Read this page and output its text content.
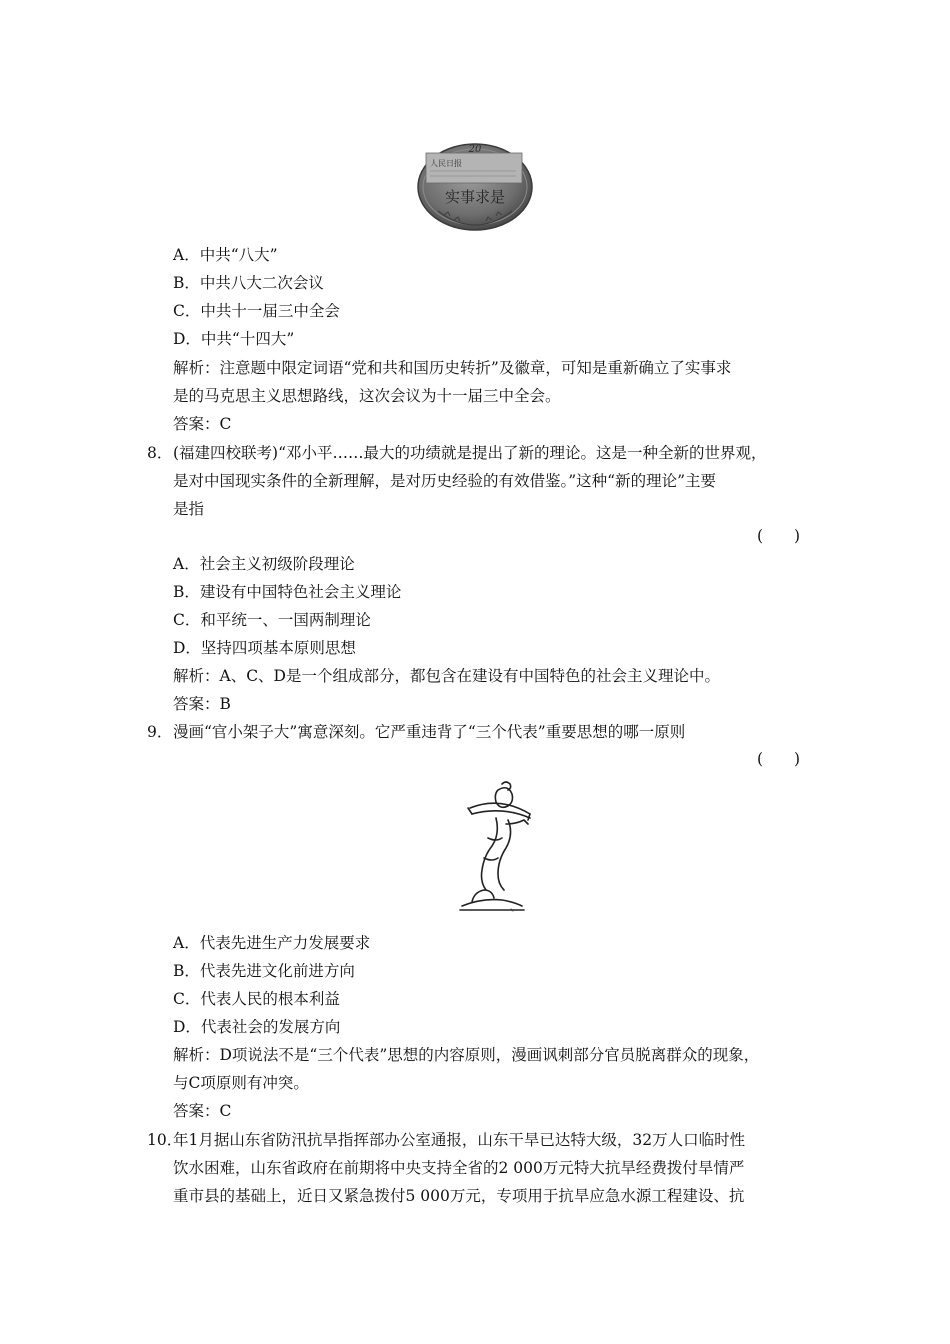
20
人民日报
实事求是
A．中共“八大”
B．中共八大二次会议
C．中共十一届三中全会
D．中共“十四大”
解析：注意题中限定词语“党和共和国历史转折”及徽章，可知是重新确立了实事求
是的马克思主义思想路线，这次会议为十一届三中全会。
答案：C
8． (福建四校联考)“邓小平……最大的功绩就是提出了新的理论。这是一种全新的世界观，
是对中国现实条件的全新理解，是对历史经验的有效借鉴。”这种“新的理论”主要
是指
(　　)
A．社会主义初级阶段理论
B．建设有中国特色社会主义理论
C．和平统一、一国两制理论
D．坚持四项基本原则思想
解析：A、C、D是一个组成部分，都包含在建设有中国特色的社会主义理论中。
答案：B
9． 漫画“官小架子大”寓意深刻。它严重违背了“三个代表”重要思想的哪一原则
(　　)
✎
A．代表先进生产力发展要求
B．代表先进文化前进方向
C．代表人民的根本利益
D．代表社会的发展方向
解析：D项说法不是“三个代表”思想的内容原则，漫画讽刺部分官员脱离群众的现象，
与C项原则有冲突。
答案：C
10．
年1月据山东省防汛抗旱指挥部办公室通报，山东干旱已达特大级，32万人口临时性
饮水困难，山东省政府在前期将中央支持全省的2 000万元特大抗旱经费拨付旱情严
重市县的基础上，近日又紧急拨付5 000万元，专项用于抗旱应急水源工程建设、抗
